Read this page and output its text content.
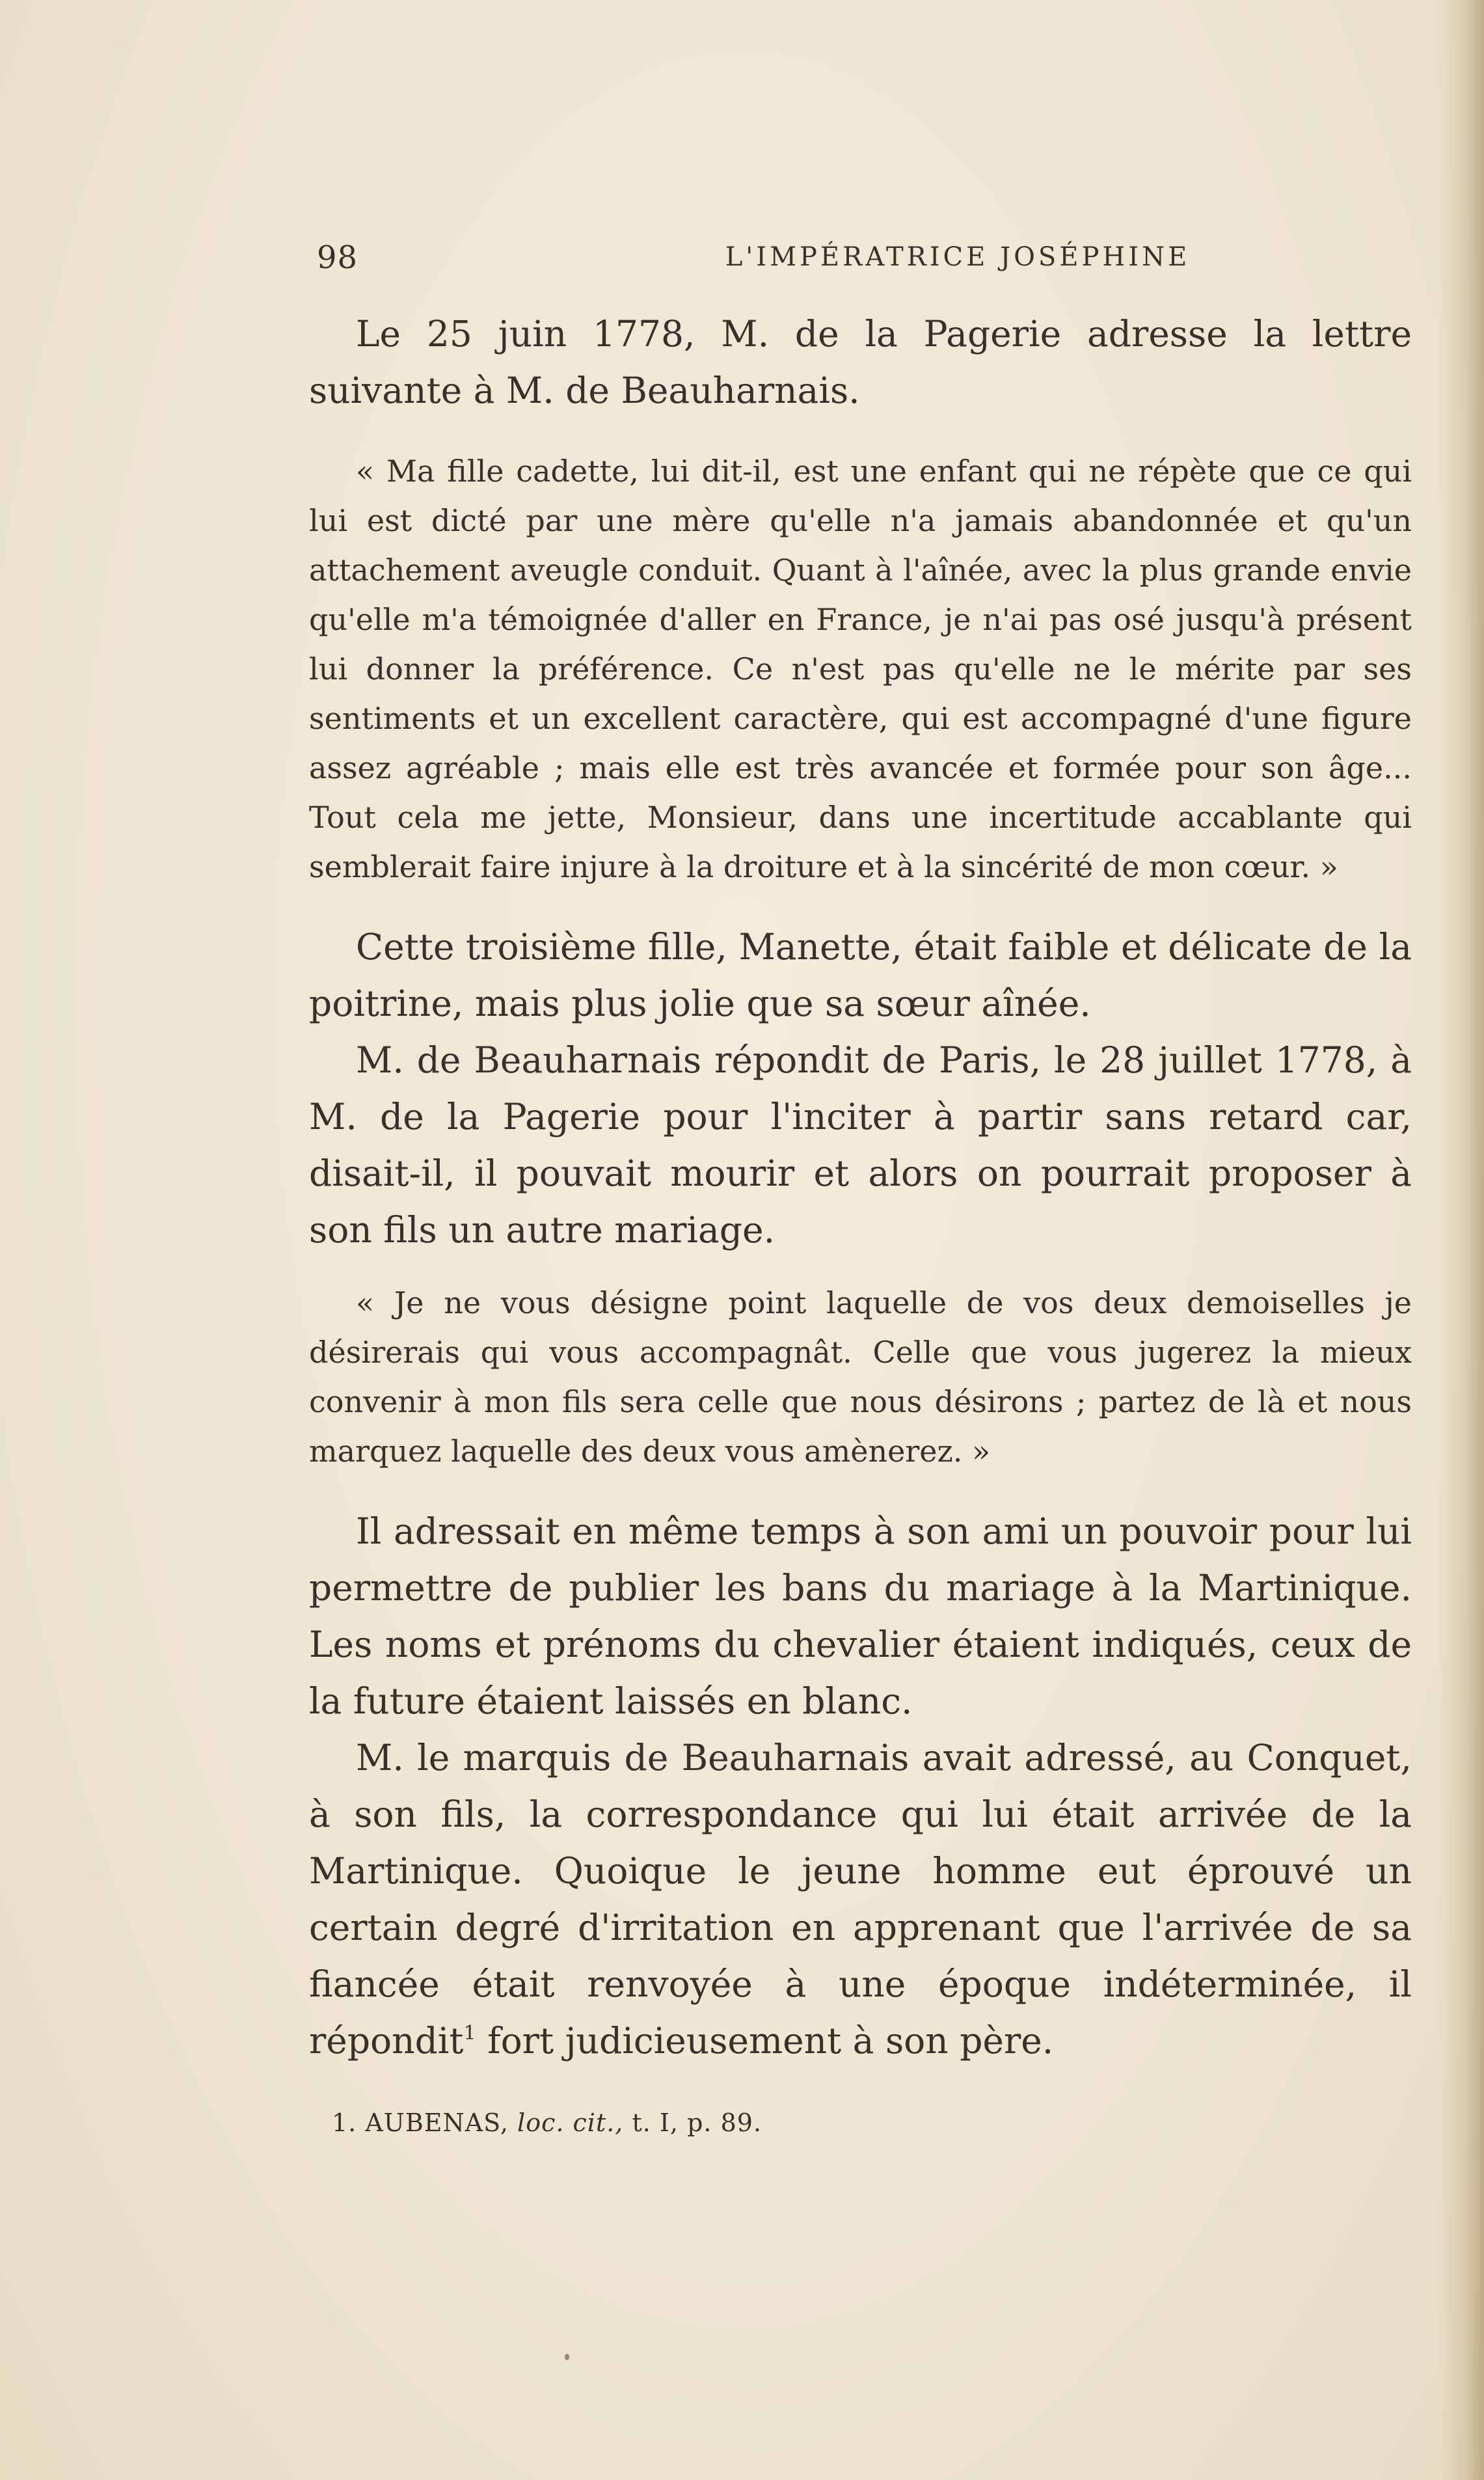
98	L'IMPÉRATRICE JOSÉPHINE

Le 25 juin 1778, M. de la Pagerie adresse la lettre suivante à M. de Beauharnais.

« Ma fille cadette, lui dit-il, est une enfant qui ne répète que ce qui lui est dicté par une mère qu'elle n'a jamais abandonnée et qu'un attachement aveugle conduit. Quant à l'aînée, avec la plus grande envie qu'elle m'a témoignée d'aller en France, je n'ai pas osé jusqu'à présent lui donner la préférence. Ce n'est pas qu'elle ne le mérite par ses sentiments et un excellent caractère, qui est accompagné d'une figure assez agréable ; mais elle est très avancée et formée pour son âge... Tout cela me jette, Monsieur, dans une incertitude accablante qui semblerait faire injure à la droiture et à la sincérité de mon cœur. »

Cette troisième fille, Manette, était faible et délicate de la poitrine, mais plus jolie que sa sœur aînée.

M. de Beauharnais répondit de Paris, le 28 juillet 1778, à M. de la Pagerie pour l'inciter à partir sans retard car, disait-il, il pouvait mourir et alors on pourrait proposer à son fils un autre mariage.

« Je ne vous désigne point laquelle de vos deux demoiselles je désirerais qui vous accompagnât. Celle que vous jugerez la mieux convenir à mon fils sera celle que nous désirons ; partez de là et nous marquez laquelle des deux vous amènerez. »

Il adressait en même temps à son ami un pouvoir pour lui permettre de publier les bans du mariage à la Martinique. Les noms et prénoms du chevalier étaient indiqués, ceux de la future étaient laissés en blanc.

M. le marquis de Beauharnais avait adressé, au Conquet, à son fils, la correspondance qui lui était arrivée de la Martinique. Quoique le jeune homme eut éprouvé un certain degré d'irritation en apprenant que l'arrivée de sa fiancée était renvoyée à une époque indéterminée, il répondit$^1$ fort judicieusement à son père.

1. AUBENAS, loc. cit., t. I, p. 89.
